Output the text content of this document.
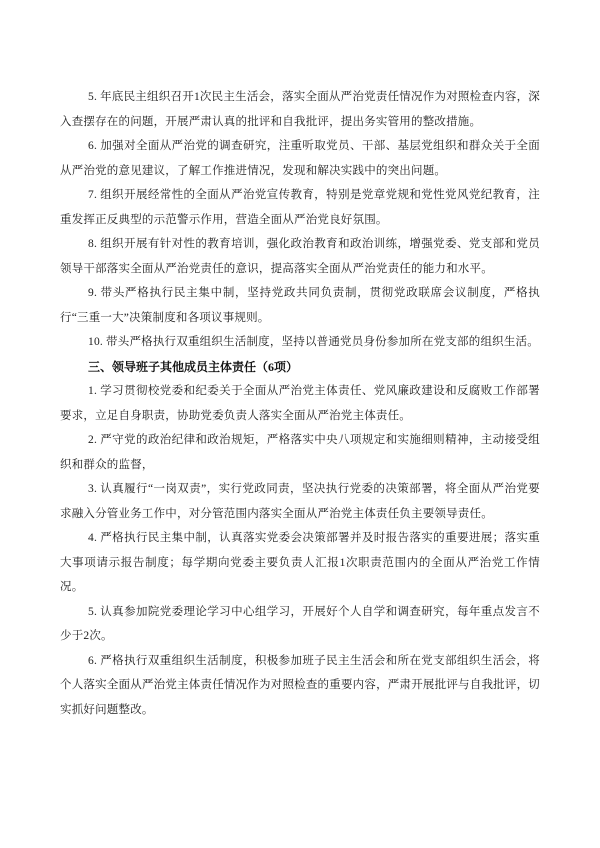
5. 年底民主组织召开1次民主生活会，落实全面从严治党责任情况作为对照检查内容，深入查摆存在的问题，开展严肃认真的批评和自我批评，提出务实管用的整改措施。

6. 加强对全面从严治党的调查研究，注重听取党员、干部、基层党组织和群众关于全面从严治党的意见建议，了解工作推进情况，发现和解决实践中的突出问题。

7. 组织开展经常性的全面从严治党宣传教育，特别是党章党规和党性党风党纪教育，注重发挥正反典型的示范警示作用，营造全面从严治党良好氛围。

8. 组织开展有针对性的教育培训，强化政治教育和政治训练，增强党委、党支部和党员领导干部落实全面从严治党责任的意识，提高落实全面从严治党责任的能力和水平。

9. 带头严格执行民主集中制，坚持党政共同负责制，贯彻党政联席会议制度，严格执行“三重一大”决策制度和各项议事规则。

10. 带头严格执行双重组织生活制度，坚持以普通党员身份参加所在党支部的组织生活。

三、领导班子其他成员主体责任（6项）

1. 学习贯彻校党委和纪委关于全面从严治党主体责任、党风廉政建设和反腐败工作部署要求，立足自身职责，协助党委负责人落实全面从严治党主体责任。

2. 严守党的政治纪律和政治规矩，严格落实中央八项规定和实施细则精神，主动接受组织和群众的监督，

3. 认真履行“一岗双责”，实行党政同责，坚决执行党委的决策部署，将全面从严治党要求融入分管业务工作中，对分管范围内落实全面从严治党主体责任负主要领导责任。

4. 严格执行民主集中制，认真落实党委会决策部署并及时报告落实的重要进展；落实重大事项请示报告制度；每学期向党委主要负责人汇报1次职责范围内的全面从严治党工作情况。

5. 认真参加院党委理论学习中心组学习，开展好个人自学和调查研究，每年重点发言不少于2次。

6. 严格执行双重组织生活制度，积极参加班子民主生活会和所在党支部组织生活会，将个人落实全面从严治党主体责任情况作为对照检查的重要内容，严肃开展批评与自我批评，切实抓好问题整改。
